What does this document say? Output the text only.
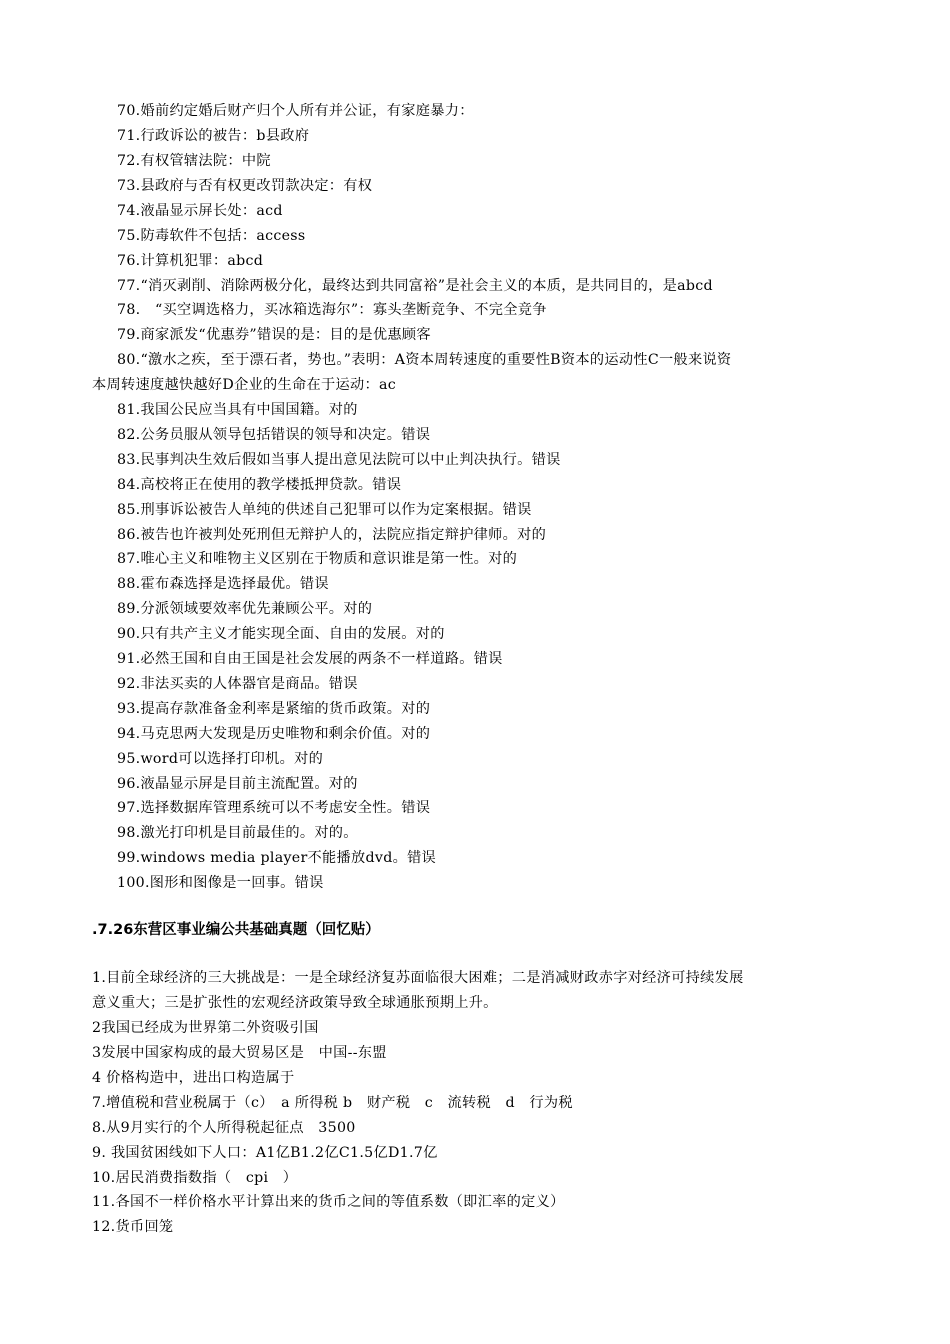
70.婚前约定婚后财产归个人所有并公证，有家庭暴力：
71.行政诉讼的被告：b县政府
72.有权管辖法院：中院
73.县政府与否有权更改罚款决定：有权
74.液晶显示屏长处：acd
75.防毒软件不包括：access
76.计算机犯罪：abcd
77.“消灭剥削、消除两极分化，最终达到共同富裕”是社会主义的本质，是共同目的，是abcd
78.　“买空调选格力，买冰箱选海尔”：寡头垄断竞争、不完全竞争
79.商家派发“优惠券”错误的是：目的是优惠顾客
80.“激水之疾，至于漂石者，势也。”表明：A资本周转速度的重要性B资本的运动性C一般来说资
本周转速度越快越好D企业的生命在于运动：ac
81.我国公民应当具有中国国籍。对的
82.公务员服从领导包括错误的领导和决定。错误
83.民事判决生效后假如当事人提出意见法院可以中止判决执行。错误
84.高校将正在使用的教学楼抵押贷款。错误
85.刑事诉讼被告人单纯的供述自己犯罪可以作为定案根据。错误
86.被告也许被判处死刑但无辩护人的，法院应指定辩护律师。对的
87.唯心主义和唯物主义区别在于物质和意识谁是第一性。对的
88.霍布森选择是选择最优。错误
89.分派领域要效率优先兼顾公平。对的
90.只有共产主义才能实现全面、自由的发展。对的
91.必然王国和自由王国是社会发展的两条不一样道路。错误
92.非法买卖的人体器官是商品。错误
93.提高存款准备金利率是紧缩的货币政策。对的
94.马克思两大发现是历史唯物和剩余价值。对的
95.word可以选择打印机。对的
96.液晶显示屏是目前主流配置。对的
97.选择数据库管理系统可以不考虑安全性。错误
98.激光打印机是目前最佳的。对的。
99.windows media player不能播放dvd。错误
100.图形和图像是一回事。错误
.7.26东营区事业编公共基础真题（回忆贴）
1.目前全球经济的三大挑战是：一是全球经济复苏面临很大困难；二是消减财政赤字对经济可持续发展
意义重大；三是扩张性的宏观经济政策导致全球通胀预期上升。
2我国已经成为世界第二外资吸引国
3发展中国家构成的最大贸易区是　中国--东盟
4 价格构造中，进出口构造属于
7.增值税和营业税属于（c）　a 所得税 b　财产税　c　流转税　d　行为税
8.从9月实行的个人所得税起征点　3500
9. 我国贫困线如下人口：A1亿B1.2亿C1.5亿D1.7亿
10.居民消费指数指（　cpi　）
11.各国不一样价格水平计算出来的货币之间的等值系数（即汇率的定义）
12.货币回笼
